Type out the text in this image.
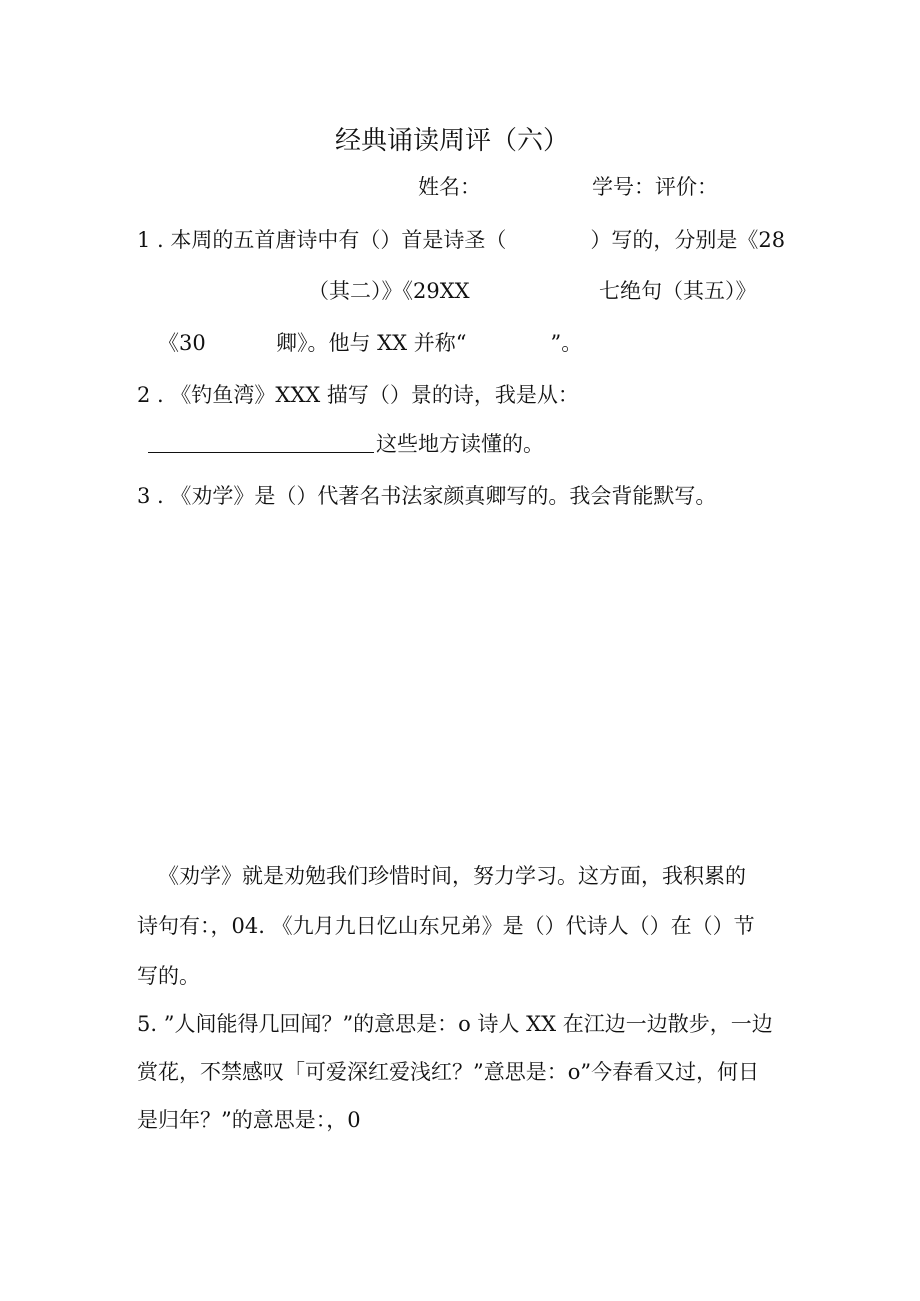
经典诵读周评（六）
姓名：	学号：评价：
1 . 本周的五首唐诗中有（）首是诗圣（　　　　）写的，分别是《28
（其二）》《29XX	七绝句（其五）》
《30	卿》。他与 XX 并称“　　　　”。
2 . 《钓鱼湾》XXX 描写（）景的诗，我是从：
这些地方读懂的。
3 . 《劝学》是（）代著名书法家颜真卿写的。我会背能默写。
《劝学》就是劝勉我们珍惜时间，努力学习。这方面，我积累的
诗句有：，04. 《九月九日忆山东兄弟》是（）代诗人（）在（）节
写的。
5. ”人间能得几回闻？”的意思是：o 诗人 XX 在江边一边散步，一边
赏花，不禁感叹「可爱深红爱浅红？”意思是：o”今春看又过，何日
是归年？”的意思是：，0
